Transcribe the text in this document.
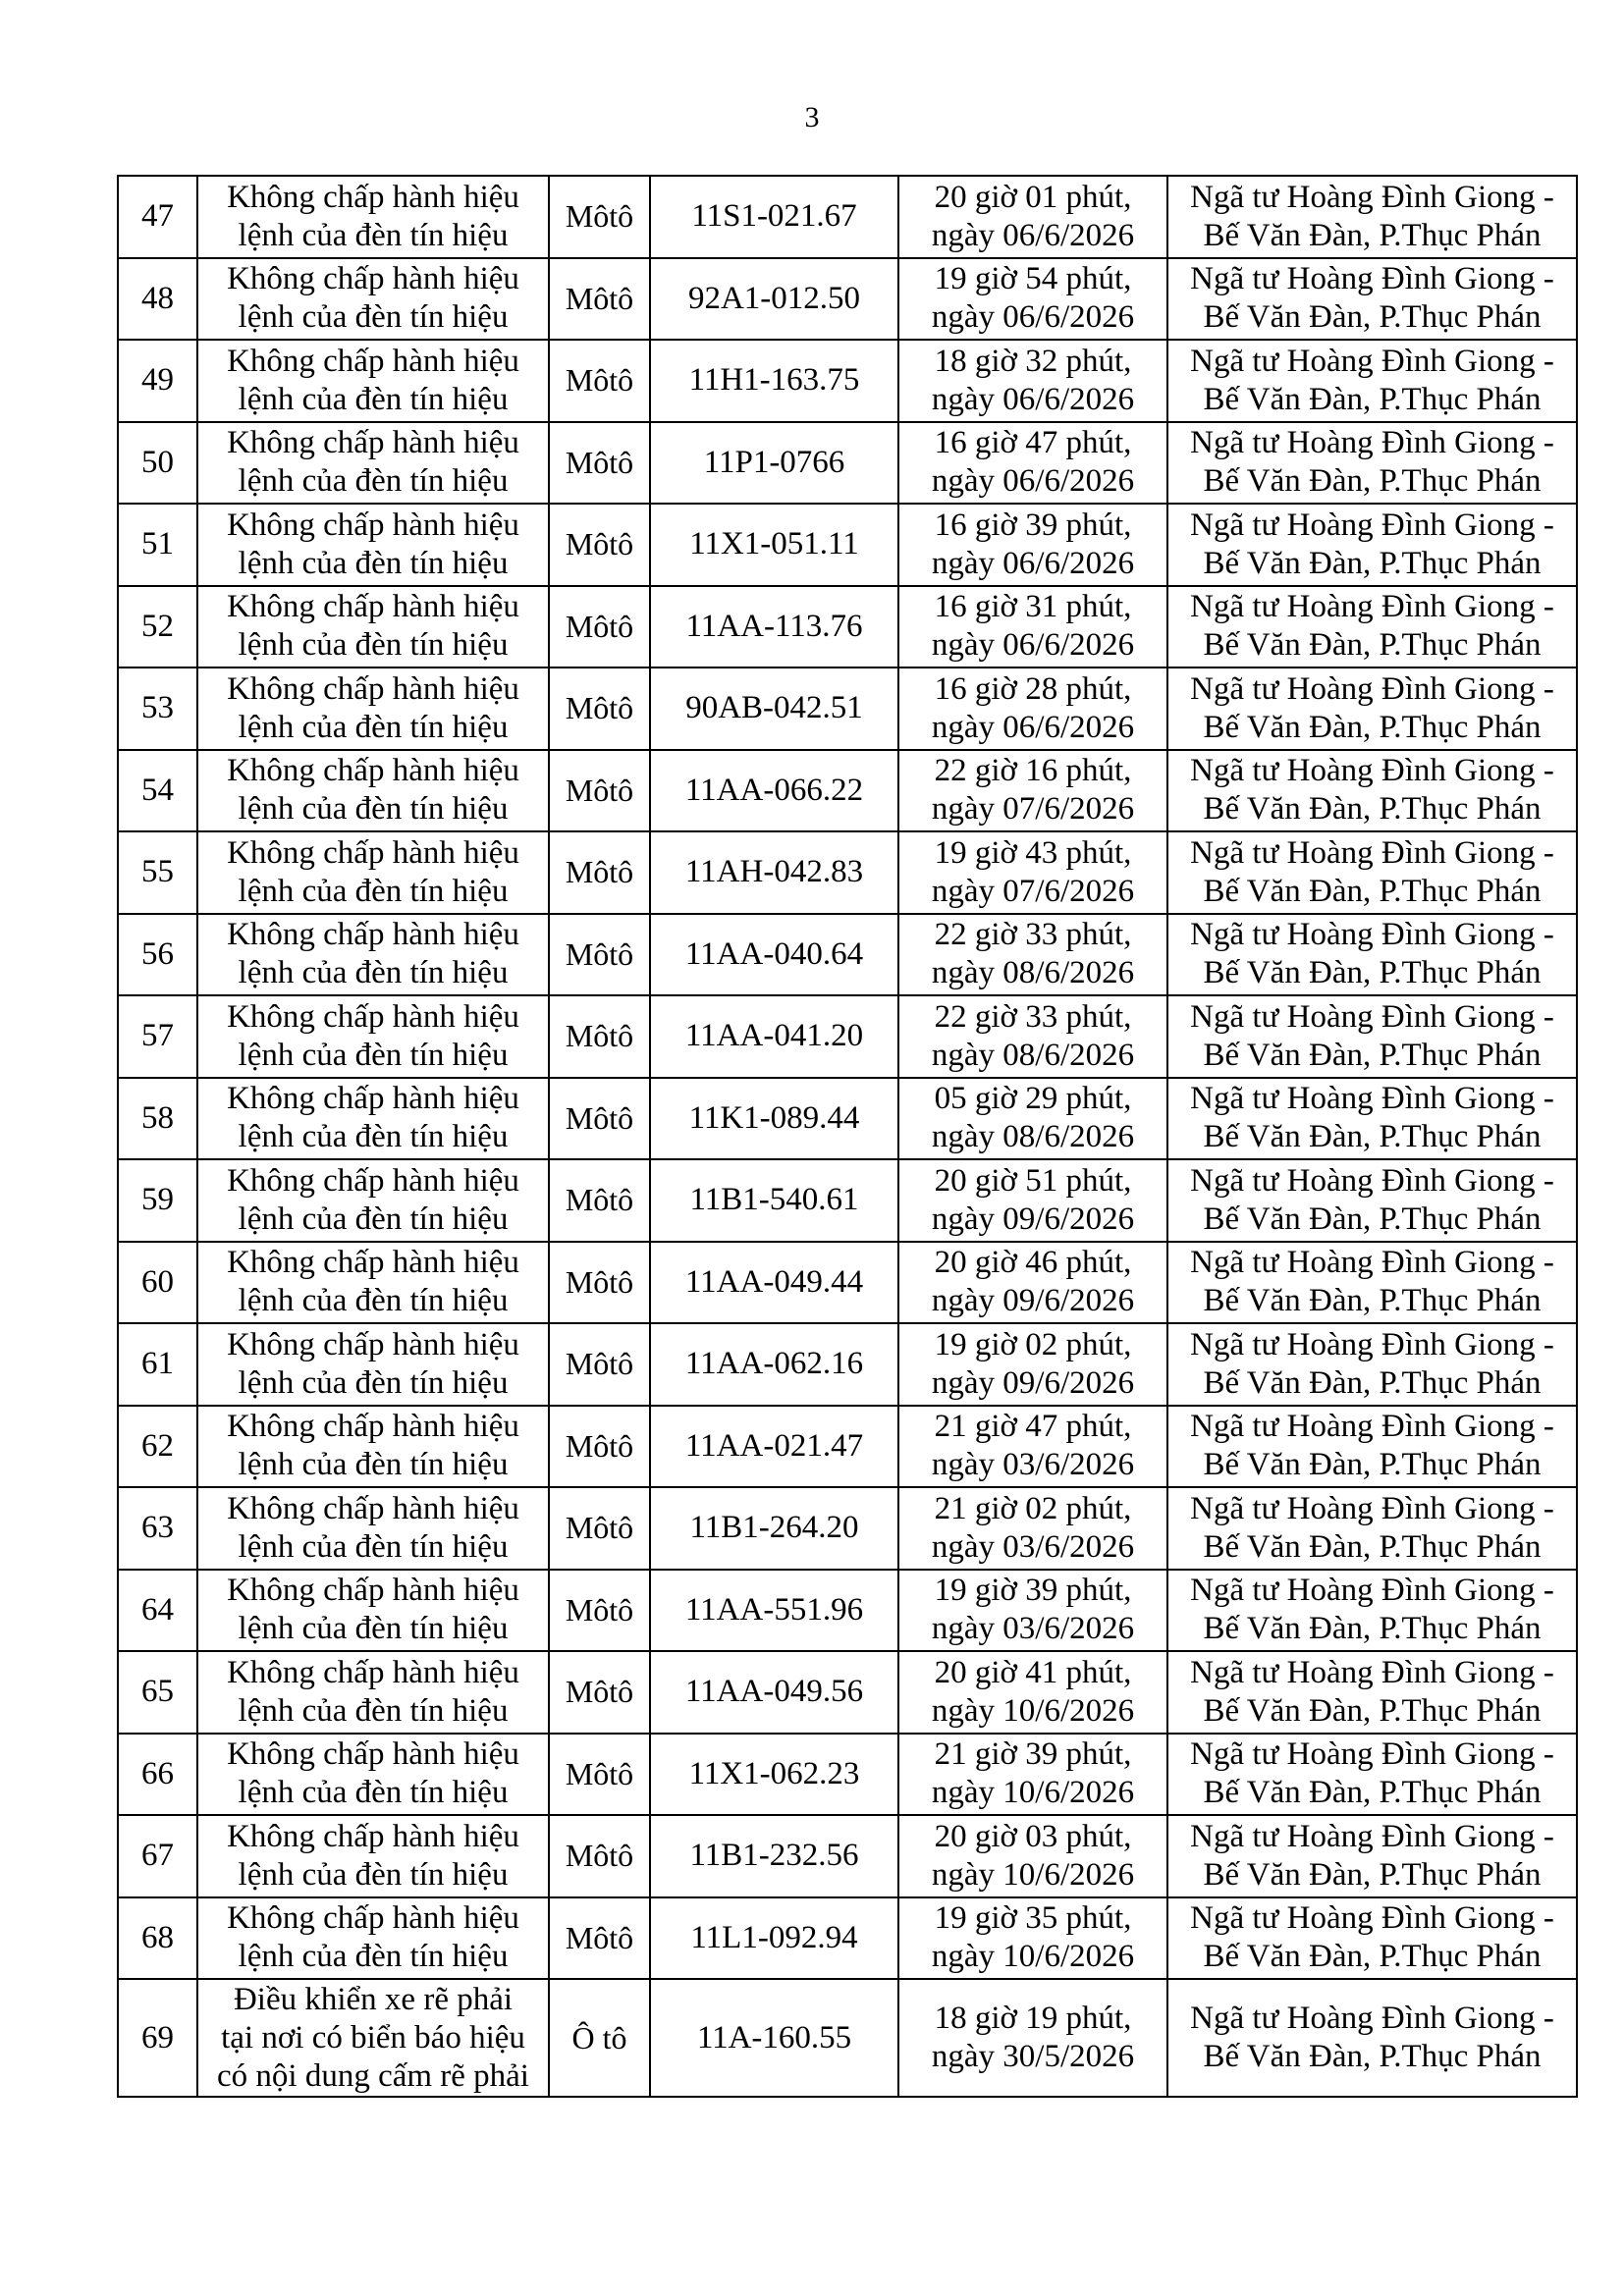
3
47	Không chấp hành hiệu
lệnh của đèn tín hiệu	Môtô	11S1-021.67	20 giờ 01 phút,
ngày 06/6/2026	Ngã tư Hoàng Đình Giong -
Bế Văn Đàn, P.Thục Phán

48	Không chấp hành hiệu
lệnh của đèn tín hiệu	Môtô	92A1-012.50	19 giờ 54 phút,
ngày 06/6/2026	Ngã tư Hoàng Đình Giong -
Bế Văn Đàn, P.Thục Phán

49	Không chấp hành hiệu
lệnh của đèn tín hiệu	Môtô	11H1-163.75	18 giờ 32 phút,
ngày 06/6/2026	Ngã tư Hoàng Đình Giong -
Bế Văn Đàn, P.Thục Phán

50	Không chấp hành hiệu
lệnh của đèn tín hiệu	Môtô	11P1-0766	16 giờ 47 phút,
ngày 06/6/2026	Ngã tư Hoàng Đình Giong -
Bế Văn Đàn, P.Thục Phán

51	Không chấp hành hiệu
lệnh của đèn tín hiệu	Môtô	11X1-051.11	16 giờ 39 phút,
ngày 06/6/2026	Ngã tư Hoàng Đình Giong -
Bế Văn Đàn, P.Thục Phán

52	Không chấp hành hiệu
lệnh của đèn tín hiệu	Môtô	11AA-113.76	16 giờ 31 phút,
ngày 06/6/2026	Ngã tư Hoàng Đình Giong -
Bế Văn Đàn, P.Thục Phán

53	Không chấp hành hiệu
lệnh của đèn tín hiệu	Môtô	90AB-042.51	16 giờ 28 phút,
ngày 06/6/2026	Ngã tư Hoàng Đình Giong -
Bế Văn Đàn, P.Thục Phán

54	Không chấp hành hiệu
lệnh của đèn tín hiệu	Môtô	11AA-066.22	22 giờ 16 phút,
ngày 07/6/2026	Ngã tư Hoàng Đình Giong -
Bế Văn Đàn, P.Thục Phán

55	Không chấp hành hiệu
lệnh của đèn tín hiệu	Môtô	11AH-042.83	19 giờ 43 phút,
ngày 07/6/2026	Ngã tư Hoàng Đình Giong -
Bế Văn Đàn, P.Thục Phán

56	Không chấp hành hiệu
lệnh của đèn tín hiệu	Môtô	11AA-040.64	22 giờ 33 phút,
ngày 08/6/2026	Ngã tư Hoàng Đình Giong -
Bế Văn Đàn, P.Thục Phán

57	Không chấp hành hiệu
lệnh của đèn tín hiệu	Môtô	11AA-041.20	22 giờ 33 phút,
ngày 08/6/2026	Ngã tư Hoàng Đình Giong -
Bế Văn Đàn, P.Thục Phán

58	Không chấp hành hiệu
lệnh của đèn tín hiệu	Môtô	11K1-089.44	05 giờ 29 phút,
ngày 08/6/2026	Ngã tư Hoàng Đình Giong -
Bế Văn Đàn, P.Thục Phán

59	Không chấp hành hiệu
lệnh của đèn tín hiệu	Môtô	11B1-540.61	20 giờ 51 phút,
ngày 09/6/2026	Ngã tư Hoàng Đình Giong -
Bế Văn Đàn, P.Thục Phán

60	Không chấp hành hiệu
lệnh của đèn tín hiệu	Môtô	11AA-049.44	20 giờ 46 phút,
ngày 09/6/2026	Ngã tư Hoàng Đình Giong -
Bế Văn Đàn, P.Thục Phán

61	Không chấp hành hiệu
lệnh của đèn tín hiệu	Môtô	11AA-062.16	19 giờ 02 phút,
ngày 09/6/2026	Ngã tư Hoàng Đình Giong -
Bế Văn Đàn, P.Thục Phán

62	Không chấp hành hiệu
lệnh của đèn tín hiệu	Môtô	11AA-021.47	21 giờ 47 phút,
ngày 03/6/2026	Ngã tư Hoàng Đình Giong -
Bế Văn Đàn, P.Thục Phán

63	Không chấp hành hiệu
lệnh của đèn tín hiệu	Môtô	11B1-264.20	21 giờ 02 phút,
ngày 03/6/2026	Ngã tư Hoàng Đình Giong -
Bế Văn Đàn, P.Thục Phán

64	Không chấp hành hiệu
lệnh của đèn tín hiệu	Môtô	11AA-551.96	19 giờ 39 phút,
ngày 03/6/2026	Ngã tư Hoàng Đình Giong -
Bế Văn Đàn, P.Thục Phán

65	Không chấp hành hiệu
lệnh của đèn tín hiệu	Môtô	11AA-049.56	20 giờ 41 phút,
ngày 10/6/2026	Ngã tư Hoàng Đình Giong -
Bế Văn Đàn, P.Thục Phán

66	Không chấp hành hiệu
lệnh của đèn tín hiệu	Môtô	11X1-062.23	21 giờ 39 phút,
ngày 10/6/2026	Ngã tư Hoàng Đình Giong -
Bế Văn Đàn, P.Thục Phán

67	Không chấp hành hiệu
lệnh của đèn tín hiệu	Môtô	11B1-232.56	20 giờ 03 phút,
ngày 10/6/2026	Ngã tư Hoàng Đình Giong -
Bế Văn Đàn, P.Thục Phán

68	Không chấp hành hiệu
lệnh của đèn tín hiệu	Môtô	11L1-092.94	19 giờ 35 phút,
ngày 10/6/2026	Ngã tư Hoàng Đình Giong -
Bế Văn Đàn, P.Thục Phán

69	Điều khiển xe rẽ phải
tại nơi có biển báo hiệu
có nội dung cấm rẽ phải	Ô tô	11A-160.55	18 giờ 19 phút,
ngày 30/5/2026	Ngã tư Hoàng Đình Giong -
Bế Văn Đàn, P.Thục Phán
